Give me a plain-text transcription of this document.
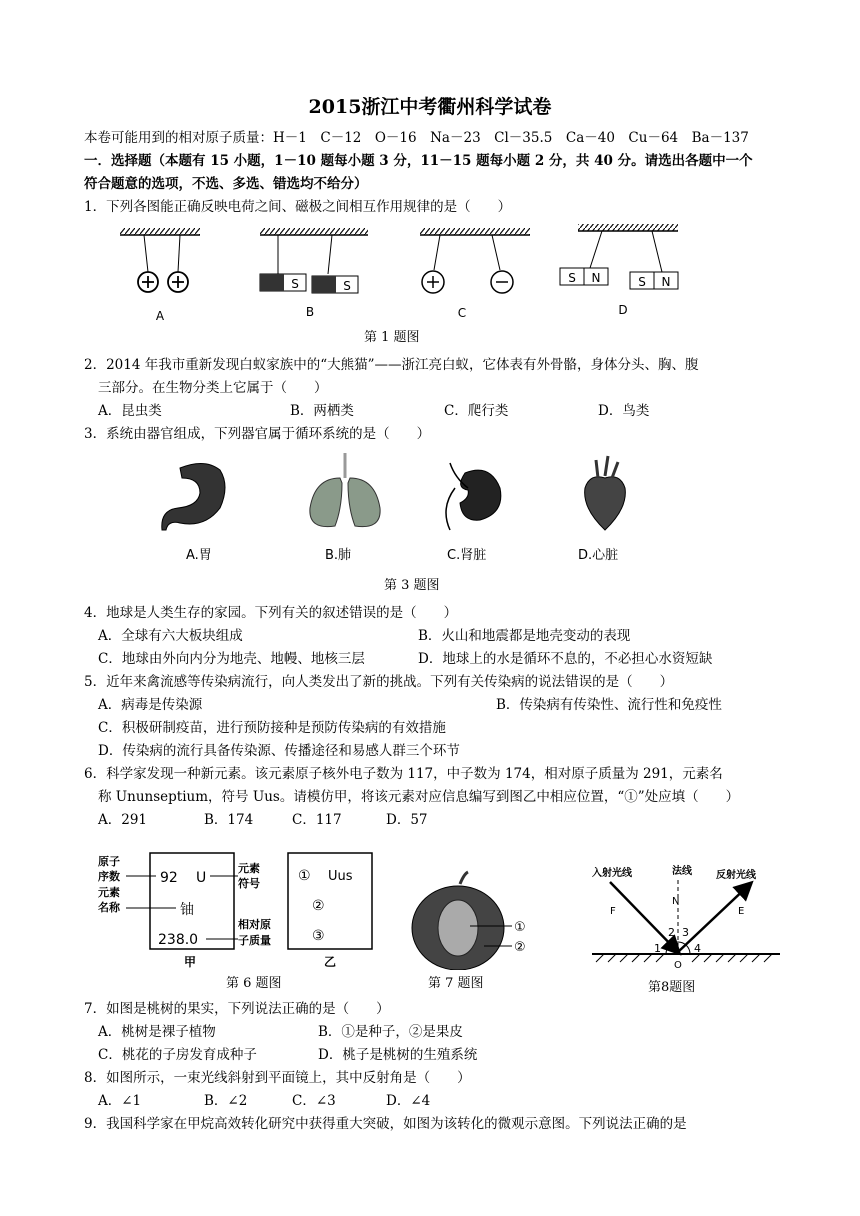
2015浙江中考衢州科学试卷
本卷可能用到的相对原子质量：H－1　C－12　O－16　Na－23　Cl－35.5　Ca－40　Cu－64　Ba－137
一．选择题（本题有 15 小题，1－10 题每小题 3 分，11－15 题每小题 2 分，共 40 分。请选出各题中一个
符合题意的选项，不选、多选、错选均不给分）
1．下列各图能正确反映电荷之间、磁极之间相互作用规律的是（　　）
S	S
S N	S N
A	B	C	D
第 1 题图
2．2014 年我市重新发现白蚁家族中的“大熊猫”——浙江亮白蚁，它体表有外骨骼，身体分头、胸、腹
三部分。在生物分类上它属于（　　）
A．昆虫类	B．两栖类	C．爬行类	D．鸟类
3．系统由器官组成，下列器官属于循环系统的是（　　）
A.胃	B.肺	C.肾脏	D.心脏
第 3 题图
4．地球是人类生存的家园。下列有关的叙述错误的是（　　）
A．全球有六大板块组成	B．火山和地震都是地壳变动的表现
C．地球由外向内分为地壳、地幔、地核三层	D．地球上的水是循环不息的，不必担心水资短缺
5．近年来禽流感等传染病流行，向人类发出了新的挑战。下列有关传染病的说法错误的是（　　）
A．病毒是传染源	B．传染病有传染性、流行性和免疫性
C．积极研制疫苗，进行预防接种是预防传染病的有效措施
D．传染病的流行具备传染源、传播途径和易感人群三个环节
6．科学家发现一种新元素。该元素原子核外电子数为 117，中子数为 174，相对原子质量为 291，元素名
称 Ununseptium，符号 Uus。请模仿甲，将该元素对应信息编写到图乙中相应位置，“①”处应填（　　）
A．291	B．174	C．117	D．57
原子
序数
元素
名称
92 U
铀
238.0
元素
符号
相对原
子质量
甲
① Uus
②
③
乙
第 6 题图
①
②
第 7 题图
入射光线	法线 反射光线
F
N
E
O
1
2 3
4
第8题图
7．如图是桃树的果实，下列说法正确的是（　　）
A．桃树是裸子植物	B．①是种子，②是果皮
C．桃花的子房发育成种子	D．桃子是桃树的生殖系统
8．如图所示，一束光线斜射到平面镜上，其中反射角是（　　）
A．∠1	B．∠2	C．∠3	D．∠4
9．我国科学家在甲烷高效转化研究中获得重大突破，如图为该转化的微观示意图。下列说法正确的是
